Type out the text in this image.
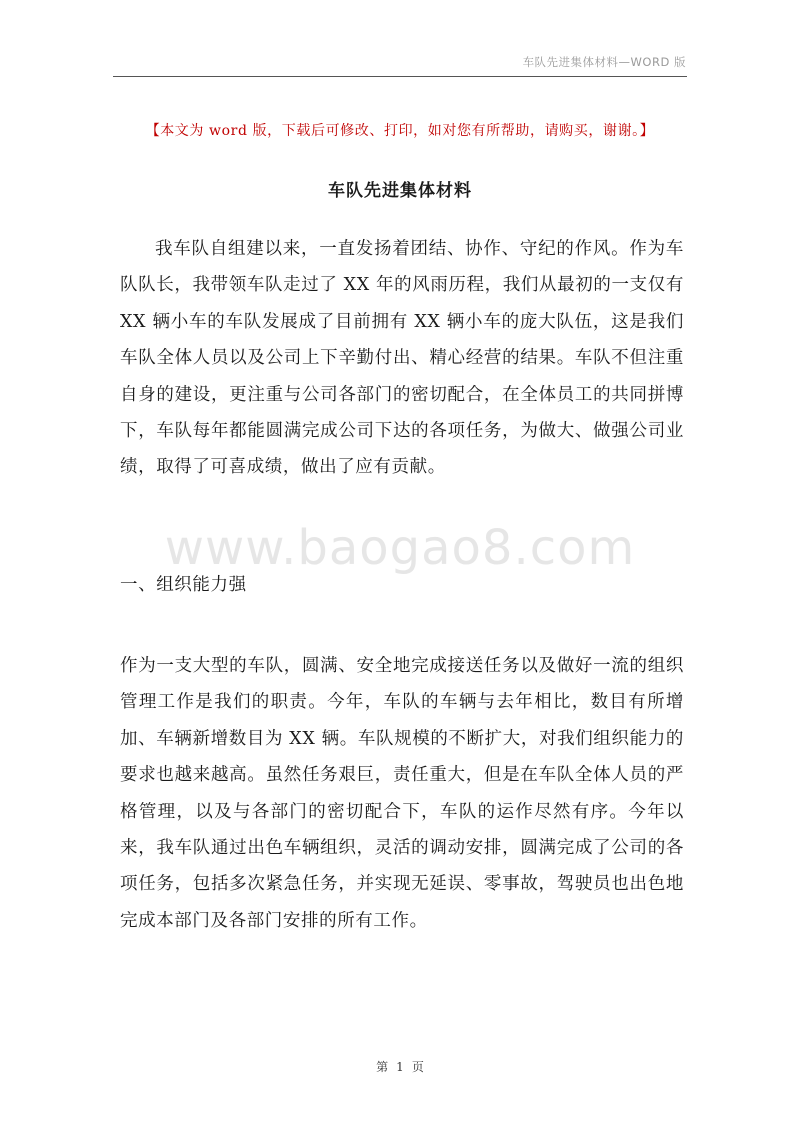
车队先进集体材料—WORD 版
【本文为 word 版，下载后可修改、打印，如对您有所帮助，请购买，谢谢。】
车队先进集体材料

我车队自组建以来，一直发扬着团结、协作、守纪的作风。作为车队队长，我带领车队走过了 XX 年的风雨历程，我们从最初的一支仅有 XX 辆小车的车队发展成了目前拥有 XX 辆小车的庞大队伍，这是我们车队全体人员以及公司上下辛勤付出、精心经营的结果。车队不但注重自身的建设，更注重与公司各部门的密切配合，在全体员工的共同拼博下，车队每年都能圆满完成公司下达的各项任务，为做大、做强公司业绩，取得了可喜成绩，做出了应有贡献。

www.baogao8.com
一、组织能力强

作为一支大型的车队，圆满、安全地完成接送任务以及做好一流的组织管理工作是我们的职责。今年，车队的车辆与去年相比，数目有所增加、车辆新增数目为 XX 辆。车队规模的不断扩大，对我们组织能力的要求也越来越高。虽然任务艰巨，责任重大，但是在车队全体人员的严格管理，以及与各部门的密切配合下，车队的运作尽然有序。今年以来，我车队通过出色车辆组织，灵活的调动安排，圆满完成了公司的各项任务，包括多次紧急任务，并实现无延误、零事故，驾驶员也出色地完成本部门及各部门安排的所有工作。

第 1 页
